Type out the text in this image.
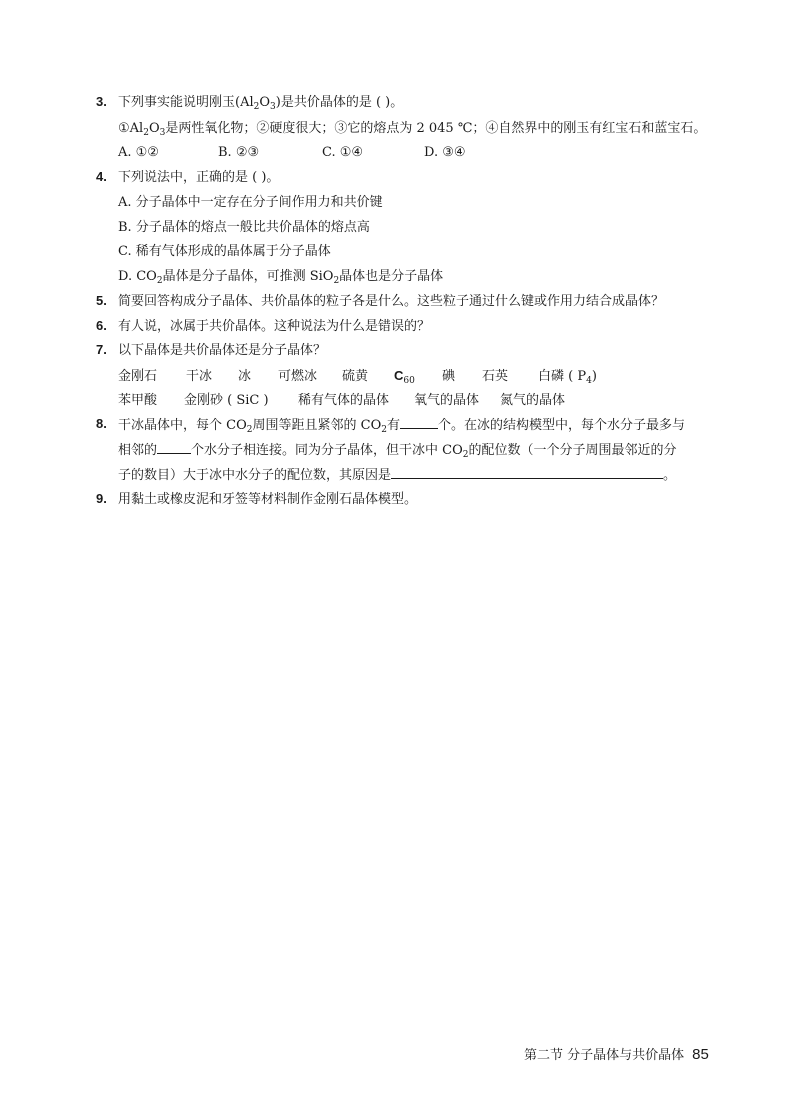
3. 下列事实能说明刚玉$(Al_2O_3)$是共价晶体的是 ( )。
$①Al_2O_3$是两性氧化物；②硬度很大；③它的熔点为 2 045 ℃；④自然界中的刚玉有红宝石和蓝宝石。
A. ①②	B. ②③	C. ①④	D. ③④
4. 下列说法中，正确的是 ( )。
A. 分子晶体中一定存在分子间作用力和共价键
B. 分子晶体的熔点一般比共价晶体的熔点高
C. 稀有气体形成的晶体属于分子晶体
D. $CO_2$晶体是分子晶体，可推测 SiO$_2$晶体也是分子晶体
5. 简要回答构成分子晶体、共价晶体的粒子各是什么。这些粒子通过什么键或作用力结合成晶体？
6. 有人说，冰属于共价晶体。这种说法为什么是错误的？
7. 以下晶体是共价晶体还是分子晶体？
金刚石 干冰 冰 可燃冰 硫黄 $C_{60}$ 碘 石英 白磷 ( $P_4$)
苯甲酸 金刚砂 ( SiC ) 稀有气体的晶体 氧气的晶体 氮气的晶体
8. 干冰晶体中，每个 $CO_2$周围等距且紧邻的 $CO_2$有	个。在冰的结构模型中，每个水分子最多与
相邻的	个水分子相连接。同为分子晶体，但干冰中 $CO_2$的配位数（一个分子周围最邻近的分
子的数目）大于冰中水分子的配位数，其原因是	。
9. 用黏土或橡皮泥和牙签等材料制作金刚石晶体模型。
第二节 分子晶体与共价晶体 85
